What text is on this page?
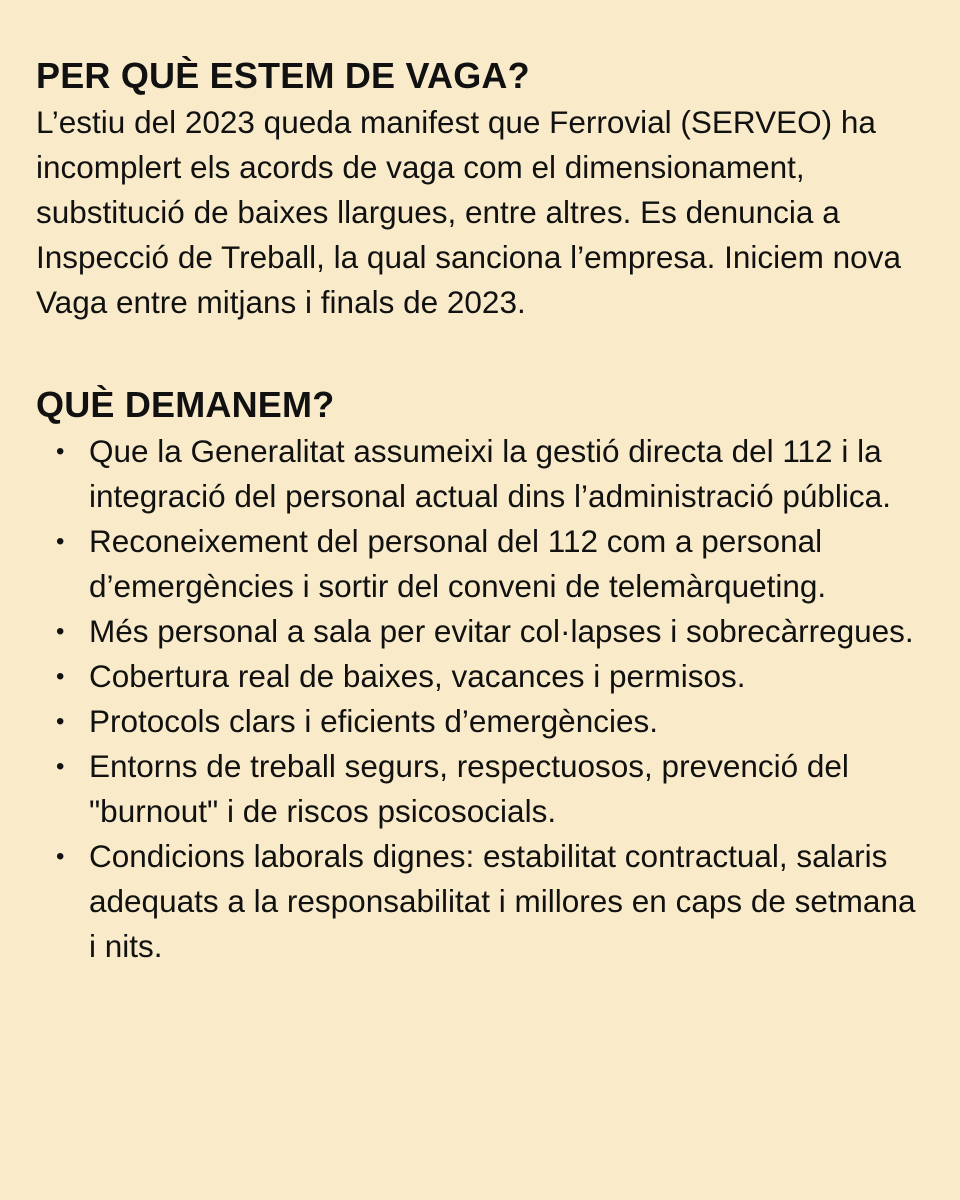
PER QUÈ ESTEM DE VAGA?

L’estiu del 2023 queda manifest que Ferrovial (SERVEO) ha incomplert els acords de vaga com el dimensionament, substitució de baixes llargues, entre altres. Es denuncia a Inspecció de Treball, la qual sanciona l’empresa. Iniciem nova Vaga entre mitjans i finals de 2023.

QUÈ DEMANEM?
• Que la Generalitat assumeixi la gestió directa del 112 i la integració del personal actual dins l’administració pública.
• Reconeixement del personal del 112 com a personal d’emergències i sortir del conveni de telemàrqueting.
• Més personal a sala per evitar col·lapses i sobrecàrregues.
• Cobertura real de baixes, vacances i permisos.
• Protocols clars i eficients d’emergències.
• Entorns de treball segurs, respectuosos, prevenció del "burnout" i de riscos psicosocials.
• Condicions laborals dignes: estabilitat contractual, salaris adequats a la responsabilitat i millores en caps de setmana i nits.
